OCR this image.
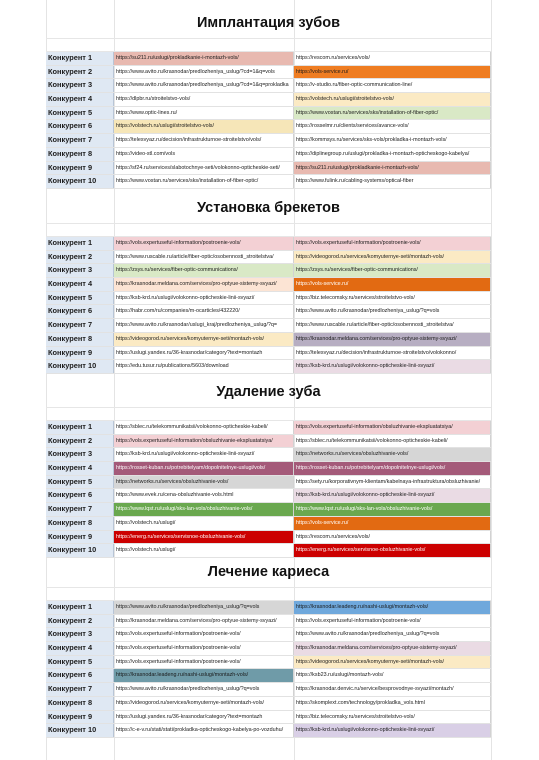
Имплантация зубов
Конкурент 1	https://su211.ru/uslugi/prokladkanie-i-montazh-vols/	https://rescom.ru/services/vols/
Конкурент 2	https://www.avito.ru/krasnodar/predlozheniya_uslug/?cd=1&q=vols	https://vols-service.ru/
Конкурент 3	https://www.avito.ru/krasnodar/predlozheniya_uslug/?cd=1&q=prokladka	https://v-studio.ru/fiber-optic-communication-line/
Конкурент 4	https://dlpbr.ru/stroitelstvo-vols/	https://volstech.ru/uslugi/stroitelstvo-vols/
Конкурент 5	https://www.optic-lines.ru/	https://www.vostan.ru/services/sks/installation-of-fiber-optic/
Конкурент 6	https://volstech.ru/uslugi/stroitelstvo-vols/	https://rosselmr.ru/clients/services/avance-vols/
Конкурент 7	https://telesvyaz.ru/decision/infrastrukturnoe-stroitelstvo/vols/	https://kommsys.ru/services/sks-vols/prokladka-i-montazh-vols/
Конкурент 8	https://video-stl.com/vols	https://diplinegroup.ru/uslugi/prokladka-i-montazh-opticheskogo-kabelya/
Конкурент 9	https://sf24.ru/services/slabotochnye-seti/volokonno-opticheskie-seti/	https://su211.ru/uslugi/prokladkanie-i-montazh-vols/
Конкурент 10	https://www.vostan.ru/services/sks/installation-of-fiber-optic/	https://www.fulink.ru/cabling-systems/optical-fiber
Установка брекетов
Конкурент 1	https://vols.expertuseful-information/postroenie-vols/	https://vols.expertuseful-information/postroenie-vols/
Конкурент 2	https://www.ruscable.ru/article/fiber-optic/osobennosti_stroitelstva/	https://videogorod.ru/services/komyuternye-seti/montazh-vols/
Конкурент 3	https://zsys.ru/services/fiber-optic-communications/	https://zsys.ru/services/fiber-optic-communications/
Конкурент 4	https://krasnodar.meldana.com/services/pro-optyue-sistemy-svyazi/	https://vols-service.ru/
Конкурент 5	https://ksb-krd.ru/uslugi/volokonno-opticheskie-linii-svyazi/	https://biz.telecomsky.ru/services/stroitelstvo-vols/
Конкурент 6	https://habr.com/ru/companies/m-ocarticles/432220/	https://www.avito.ru/krasnodar/predlozheniya_uslug/?q=vols
Конкурент 7	https://www.avito.ru/krasnodar/uslugi_kraj/predlozheniya_uslug/?q=	https://www.ruscable.ru/article/fiber-optic/osobennosti_stroitelstva/
Конкурент 8	https://videogorod.ru/services/komyuternye-seti/montazh-vols/	https://krasnodar.meldana.com/services/pro-optyue-sistemy-svyazi/
Конкурент 9	https://uslugi.yandex.ru/36-krasnodar/category?text=montazh	https://telesvyaz.ru/decision/infrastrukturnoe-stroitelstvo/volokonno/
Конкурент 10	https://edu.tusur.ru/publications/5603/download	https://ksb-krd.ru/uslugi/volokonno-opticheskie-linii-svyazi/
Удаление зуба
Конкурент 1	https://sblec.ru/telekommunikatsii/volokonno-opticheskie-kabeli/	https://vols.expertuseful-information/obsluzhivanie-ekspluatatsiya/
Конкурент 2	https://vols.expertuseful-information/obsluzhivanie-ekspluatatsiya/	https://sblec.ru/telekommunikatsii/volokonno-opticheskie-kabeli/
Конкурент 3	https://ksb-krd.ru/uslugi/volokonno-opticheskie-linii-svyazi/	https://networks.ru/services/obsluzhivanie-vols/
Конкурент 4	https://rosset-kuban.ru/potrebitelyam/dopolnitelnye-uslugi/vols/	https://rosset-kuban.ru/potrebitelyam/dopolnitelnye-uslugi/vols/
Конкурент 5	https://networks.ru/services/obsluzhivanie-vols/	https://sety.ru/korporativnym-klientam/kabelnaya-infrastruktura/obsluzhivanie/
Конкурент 6	https://www.evek.ru/cena-obsluzhivanie-vols.html	https://ksb-krd.ru/uslugi/volokonno-opticheskie-linii-svyazi/
Конкурент 7	https://www.lqst.ru/uslugi/sks-lan-vols/obsluzhivanie-vols/	https://www.lqst.ru/uslugi/sks-lan-vols/obsluzhivanie-vols/
Конкурент 8	https://volstech.ru/uslugi/	https://vols-service.ru/
Конкурент 9	https://energ.ru/services/servisnoe-obsluzhivanie-vols/	https://rescom.ru/services/vols/
Конкурент 10	https://volstech.ru/uslugi/	https://energ.ru/services/servisnoe-obsluzhivanie-vols/
Лечение кариеса
Конкурент 1	https://www.avito.ru/krasnodar/predlozheniya_uslug/?q=vols	https://krasnodar.leadeng.ru/nashi-uslugi/montazh-vols/
Конкурент 2	https://krasnodar.meldana.com/services/pro-optyue-sistemy-svyazi/	https://vols.expertuseful-information/postroenie-vols/
Конкурент 3	https://vols.expertuseful-information/postroenie-vols/	https://www.avito.ru/krasnodar/predlozheniya_uslug/?q=vols
Конкурент 4	https://vols.expertuseful-information/postroenie-vols/	https://krasnodar.meldana.com/services/pro-optyue-sistemy-svyazi/
Конкурент 5	https://vols.expertuseful-information/postroenie-vols/	https://videogorod.ru/services/komyuternye-seti/montazh-vols/
Конкурент 6	https://krasnodar.leadeng.ru/nashi-uslugi/montazh-vols/	https://ksb23.ru/uslugi/montazh-vols/
Конкурент 7	https://www.avito.ru/krasnodar/predlozheniya_uslug/?q=vols	https://krasnodar.denvic.ru/service/besprovodnye-svyazi/montazh/
Конкурент 8	https://videogorod.ru/services/komyuternye-seti/montazh-vols/	https://skomplext.com/technology/prokladka_vols.html
Конкурент 9	https://uslugi.yandex.ru/36-krasnodar/category?text=montazh	https://biz.telecomsky.ru/services/stroitelstvo-vols/
Конкурент 10	https://c-e-v.ru/stati/stati/prokladka-opticheskogo-kabelya-po-vozduhu/	https://ksb-krd.ru/uslugi/volokonno-opticheskie-linii-svyazi/
